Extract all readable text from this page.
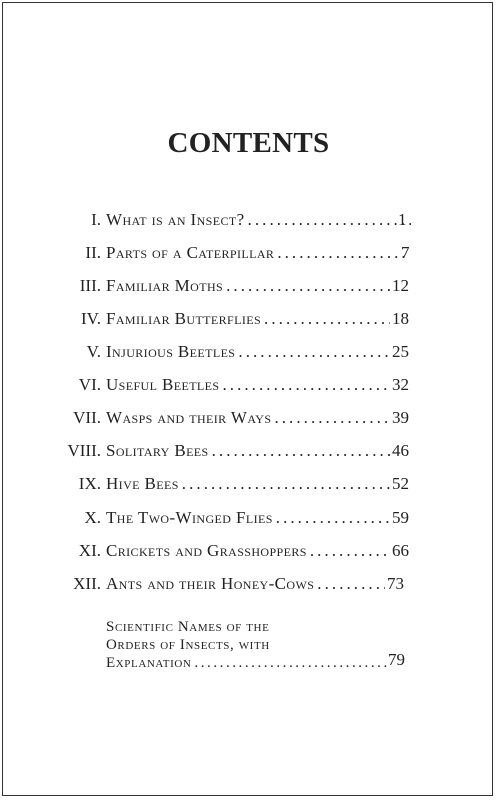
CONTENTS
I. What is an Insect? . . .	1
II. Parts of a Caterpillar . . .	7
III. Familiar Moths . . .	12
IV. Familiar Butterflies . . .	18
V. Injurious Beetles . . .	25
VI. Useful Beetles . . .	32
VII. Wasps and their Ways . . .	39
VIII. Solitary Bees . . .	46
IX. Hive Bees . . .	52
X. The Two-Winged Flies . . .	59
XI. Crickets and Grasshoppers . . .	66
XII. Ants and their Honey-Cows . . .	73
Scientific Names of the
Orders of Insects, with
Explanation . . .	79
